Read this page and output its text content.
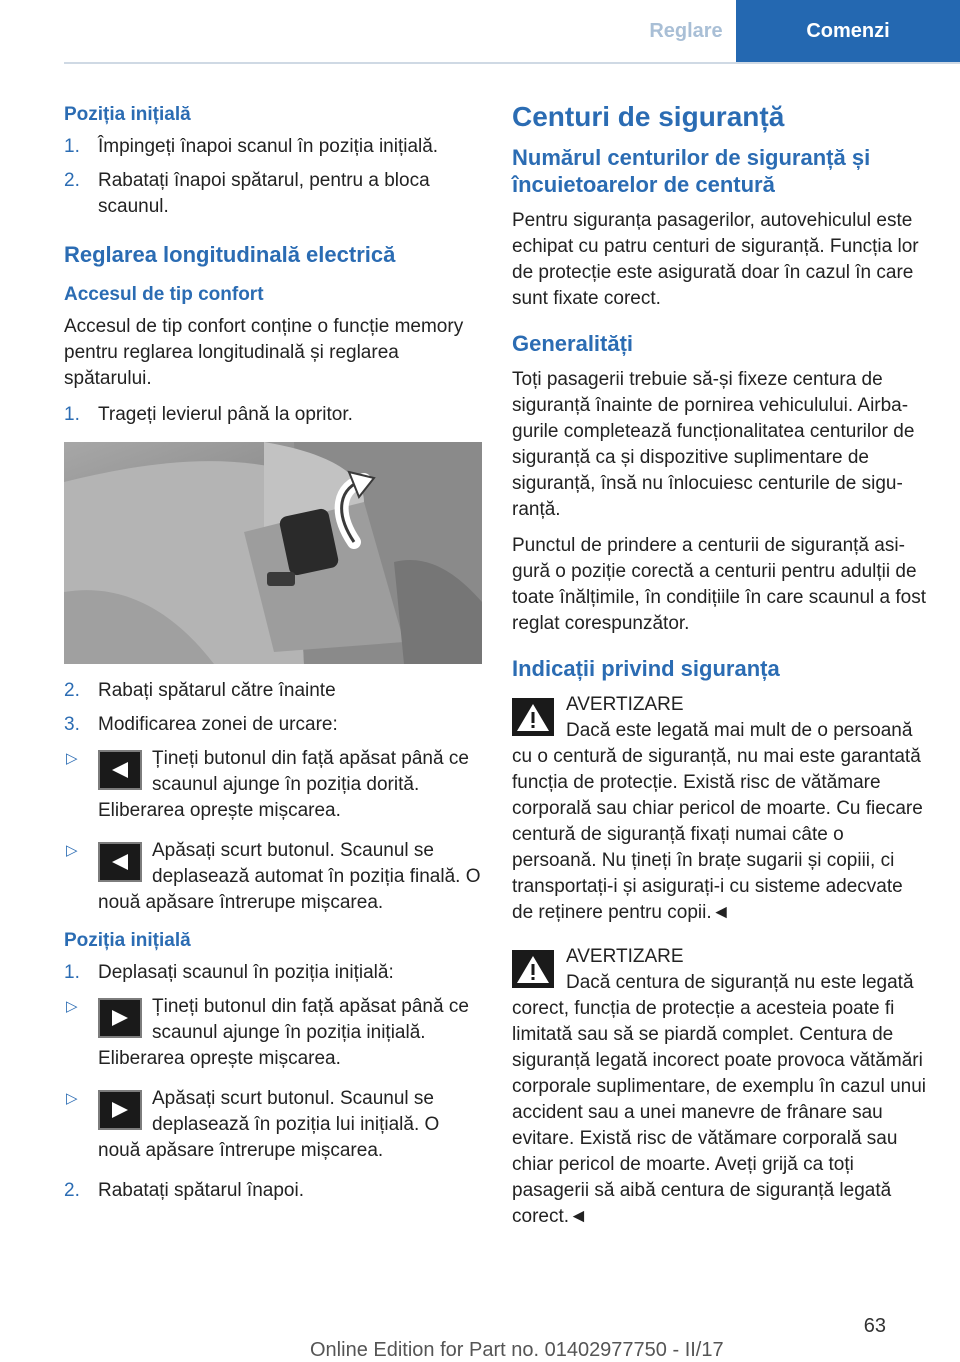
Reglare	Comenzi
Poziția inițială
1. Împingeți înapoi scanul în poziția inițială.
2. Rabatați înapoi spătarul, pentru a bloca scaunul.
Reglarea longitudinală electrică
Accesul de tip confort
Accesul de tip confort conține o funcție memory pentru reglarea longitudinală și reglarea spătarului.
1. Trageți levierul până la opritor.
2. Rabați spătarul către înainte
3. Modificarea zonei de urcare:
▷	Țineți butonul din față apăsat până ce scaunul ajunge în poziția dorită. Eliberarea oprește mișcarea.
▷	Apăsați scurt butonul. Scaunul se deplasează automat în poziția finală. O nouă apăsare întrerupe mișcarea.
Poziția inițială
1. Deplasați scaunul în poziția inițială:
▷	Țineți butonul din față apăsat până ce scaunul ajunge în poziția inițială. Eliberarea oprește mișcarea.
▷	Apăsați scurt butonul. Scaunul se deplasează în poziția lui inițială. O nouă apăsare întrerupe mișcarea.
2. Rabatați spătarul înapoi.
Centuri de siguranță
Numărul centurilor de siguranță și încuietoarelor de centură
Pentru siguranța pasagerilor, autovehiculul este echipat cu patru centuri de siguranță. Funcția lor de protecție este asigurată doar în cazul în care sunt fixate corect.
Generalități
Toți pasagerii trebuie să-și fixeze centura de siguranță înainte de pornirea vehiculului. Airbagurile completează funcționalitatea centurilor de siguranță ca și dispozitive suplimentare de siguranță, însă nu înlocuiesc centurile de siguranță.
Punctul de prindere a centurii de siguranță asigură o poziție corectă a centurii pentru adulții de toate înălțimile, în condițiile în care scaunul a fost reglat corespunzător.
Indicații privind siguranța
AVERTIZARE
Dacă este legată mai mult de o persoană cu o centură de siguranță, nu mai este garantată funcția de protecție. Există risc de vătămare corporală sau chiar pericol de moarte. Cu fiecare centură de siguranță fixați numai câte o persoană. Nu țineți în brațe sugarii și copiii, ci transportați-i și asigurați-i cu sisteme adecvate de reținere pentru copii.◄
AVERTIZARE
Dacă centura de siguranță nu este legată corect, funcția de protecție a acesteia poate fi limitată sau să se piardă complet. Centura de siguranță legată incorect poate provoca vătămări corporale suplimentare, de exemplu în cazul unui accident sau a unei manevre de frânare sau evitare. Există risc de vătămare corporală sau chiar pericol de moarte. Aveți grijă ca toți pasagerii să aibă centura de siguranță legată corect.◄
63
Online Edition for Part no. 01402977750 - II/17
